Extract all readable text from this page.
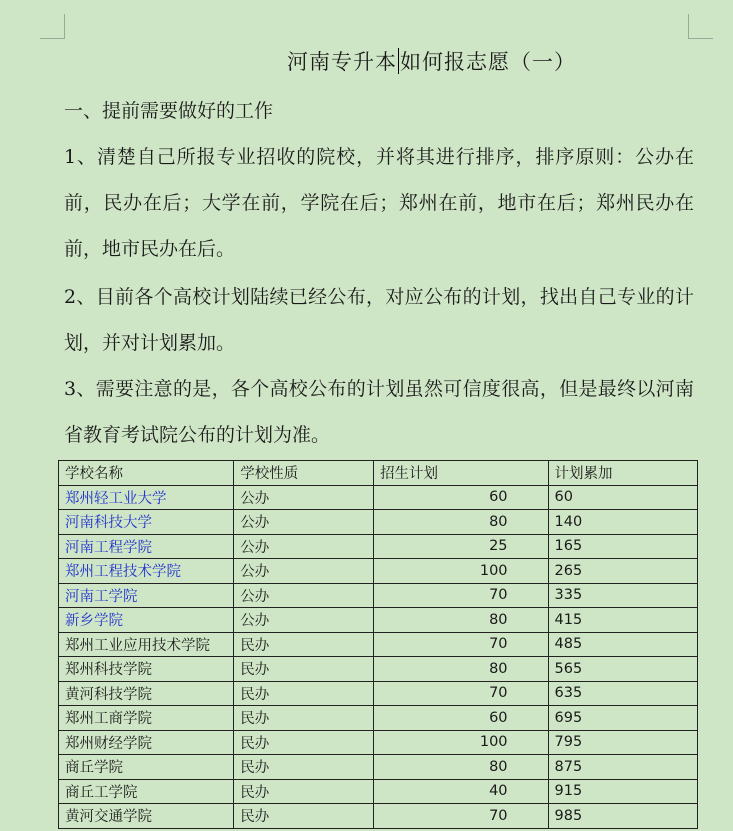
河南专升本 如何报志愿（一）
一、提前需要做好的工作
1、清楚自己所报专业招收的院校，并将其进行排序，排序原则：公办在前，民办在后；大学在前，学院在后；郑州在前，地市在后；郑州民办在前，地市民办在后。
2、目前各个高校计划陆续已经公布，对应公布的计划，找出自己专业的计划，并对计划累加。
3、需要注意的是，各个高校公布的计划虽然可信度很高，但是最终以河南省教育考试院公布的计划为准。
学校名称	学校性质	招生计划	计划累加
郑州轻工业大学	公办	60	60
河南科技大学	公办	80	140
河南工程学院	公办	25	165
郑州工程技术学院	公办	100	265
河南工学院	公办	70	335
新乡学院	公办	80	415
郑州工业应用技术学院	民办	70	485
郑州科技学院	民办	80	565
黄河科技学院	民办	70	635
郑州工商学院	民办	60	695
郑州财经学院	民办	100	795
商丘学院	民办	80	875
商丘工学院	民办	40	915
黄河交通学院	民办	70	985
